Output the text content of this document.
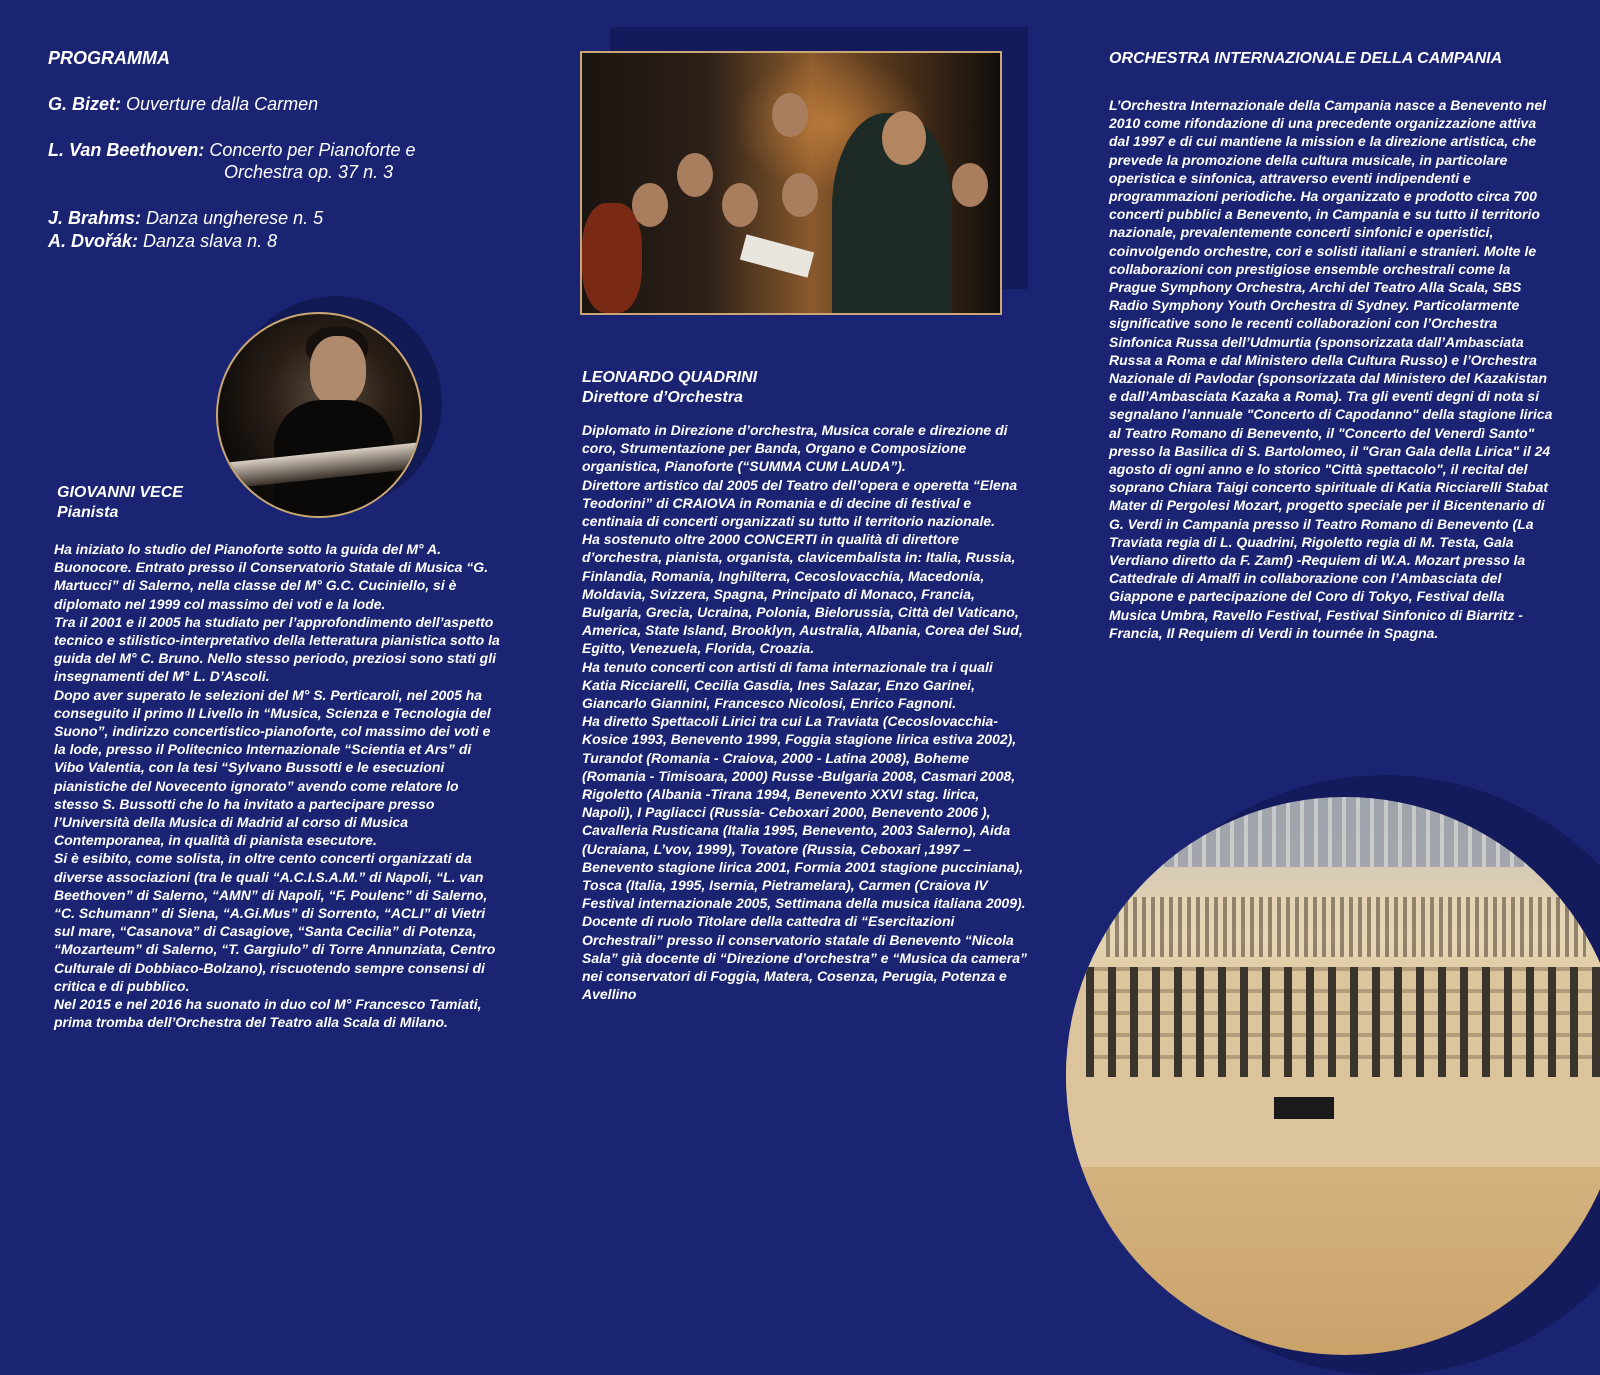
PROGRAMMA
G. Bizet: Ouverture dalla Carmen
L. Van Beethoven: Concerto per Pianoforte e
Orchestra op. 37 n. 3
J. Brahms: Danza ungherese n. 5
A. Dvořák: Danza slava n. 8
GIOVANNI VECE
Pianista

Ha iniziato lo studio del Pianoforte sotto la guida del M° A. Buonocore. Entrato presso il Conservatorio Statale di Musica “G. Martucci” di Salerno, nella classe del M° G.C. Cuciniello, si è diplomato nel 1999 col massimo dei voti e la lode.

Tra il 2001 e il 2005 ha studiato per l’approfondimento dell’aspetto tecnico e stilistico-interpretativo della letteratura pianistica sotto la guida del M° C. Bruno. Nello stesso periodo, preziosi sono stati gli insegnamenti del M° L. D’Ascoli.

Dopo aver superato le selezioni del M° S. Perticaroli, nel 2005 ha conseguito il primo II Livello in “Musica, Scienza e Tecnologia del Suono”, indirizzo concertistico-pianoforte, col massimo dei voti e la lode, presso il Politecnico Internazionale “Scientia et Ars” di Vibo Valentia, con la tesi “Sylvano Bussotti e le esecuzioni pianistiche del Novecento ignorato” avendo come relatore lo stesso S. Bussotti che lo ha invitato a partecipare presso l’Università della Musica di Madrid al corso di Musica Contemporanea, in qualità di pianista esecutore.

Si è esibito, come solista, in oltre cento concerti organizzati da diverse associazioni (tra le quali “A.C.I.S.A.M.” di Napoli, “L. van Beethoven” di Salerno, “AMN” di Napoli, “F. Poulenc” di Salerno, “C. Schumann” di Siena, “A.Gi.Mus” di Sorrento, “ACLI” di Vietri sul mare, “Casanova” di Casagiove, “Santa Cecilia” di Potenza, “Mozarteum” di Salerno, “T. Gargiulo” di Torre Annunziata, Centro Culturale di Dobbiaco-Bolzano), riscuotendo sempre consensi di critica e di pubblico.

Nel 2015 e nel 2016 ha suonato in duo col M° Francesco Tamiati, prima tromba dell’Orchestra del Teatro alla Scala di Milano.

LEONARDO QUADRINI
Direttore d’Orchestra

Diplomato in Direzione d’orchestra, Musica corale e direzione di coro, Strumentazione per Banda, Organo e Composizione organistica, Pianoforte (“SUMMA CUM LAUDA”).

Direttore artistico dal 2005 del Teatro dell’opera e operetta “Elena Teodorini” di CRAIOVA in Romania e di decine di festival e centinaia di concerti organizzati su tutto il territorio nazionale.

Ha sostenuto oltre 2000 CONCERTI in qualità di direttore d’orchestra, pianista, organista, clavicembalista in: Italia, Russia, Finlandia, Romania, Inghilterra, Cecoslovacchia, Macedonia, Moldavia, Svizzera, Spagna, Principato di Monaco, Francia, Bulgaria, Grecia, Ucraina, Polonia, Bielorussia, Città del Vaticano, America, State Island, Brooklyn, Australia, Albania, Corea del Sud, Egitto, Venezuela, Florida, Croazia.

Ha tenuto concerti con artisti di fama internazionale tra i quali Katia Ricciarelli, Cecilia Gasdia, Ines Salazar, Enzo Garinei, Giancarlo Giannini, Francesco Nicolosi, Enrico Fagnoni.

Ha diretto Spettacoli Lirici tra cui La Traviata (Cecoslovacchia-Kosice 1993, Benevento 1999, Foggia stagione lirica estiva 2002), Turandot (Romania - Craiova, 2000 - Latina 2008), Boheme (Romania - Timisoara, 2000) Russe -Bulgaria 2008, Casmari 2008, Rigoletto (Albania -Tirana 1994, Benevento XXVI stag. lirica, Napoli), I Pagliacci (Russia- Ceboxari 2000, Benevento 2006 ), Cavalleria Rusticana (Italia 1995, Benevento, 2003 Salerno), Aida (Ucraiana, L’vov, 1999), Tovatore (Russia, Ceboxari ,1997 – Benevento stagione lirica 2001, Formia 2001 stagione pucciniana), Tosca (Italia, 1995, Isernia, Pietramelara), Carmen (Craiova IV Festival internazionale 2005, Settimana della musica italiana 2009).

Docente di ruolo Titolare della cattedra di “Esercitazioni Orchestrali” presso il conservatorio statale di Benevento “Nicola Sala” già docente di “Direzione d’orchestra” e “Musica da camera” nei conservatori di Foggia, Matera, Cosenza, Perugia, Potenza e Avellino

ORCHESTRA INTERNAZIONALE DELLA CAMPANIA

L’Orchestra Internazionale della Campania nasce a Benevento nel 2010 come rifondazione di una precedente organizzazione attiva dal 1997 e di cui mantiene la mission e la direzione artistica, che prevede la promozione della cultura musicale, in particolare operistica e sinfonica, attraverso eventi indipendenti e programmazioni periodiche. Ha organizzato e prodotto circa 700 concerti pubblici a Benevento, in Campania e su tutto il territorio nazionale, prevalentemente concerti sinfonici e operistici, coinvolgendo orchestre, cori e solisti italiani e stranieri. Molte le collaborazioni con prestigiose ensemble orchestrali come la Prague Symphony Orchestra, Archi del Teatro Alla Scala, SBS Radio Symphony Youth Orchestra di Sydney. Particolarmente significative sono le recenti collaborazioni con l’Orchestra Sinfonica Russa dell’Udmurtia (sponsorizzata dall’Ambasciata Russa a Roma e dal Ministero della Cultura Russo) e l’Orchestra Nazionale di Pavlodar (sponsorizzata dal Ministero del Kazakistan e dall’Ambasciata Kazaka a Roma). Tra gli eventi degni di nota si segnalano l’annuale "Concerto di Capodanno" della stagione lirica al Teatro Romano di Benevento, il "Concerto del Venerdì Santo" presso la Basilica di S. Bartolomeo, il "Gran Gala della Lirica" il 24 agosto di ogni anno e lo storico "Città spettacolo", il recital del soprano Chiara Taigi concerto spirituale di Katia Ricciarelli Stabat Mater di Pergolesi Mozart, progetto speciale per il Bicentenario di G. Verdi in Campania presso il Teatro Romano di Benevento (La Traviata regia di L. Quadrini, Rigoletto regia di M. Testa, Gala Verdiano diretto da F. Zamf) -Requiem di W.A. Mozart presso la Cattedrale di Amalfi in collaborazione con l’Ambasciata del Giappone e partecipazione del Coro di Tokyo, Festival della Musica Umbra, Ravello Festival, Festival Sinfonico di Biarritz - Francia, Il Requiem di Verdi in tournée in Spagna.
